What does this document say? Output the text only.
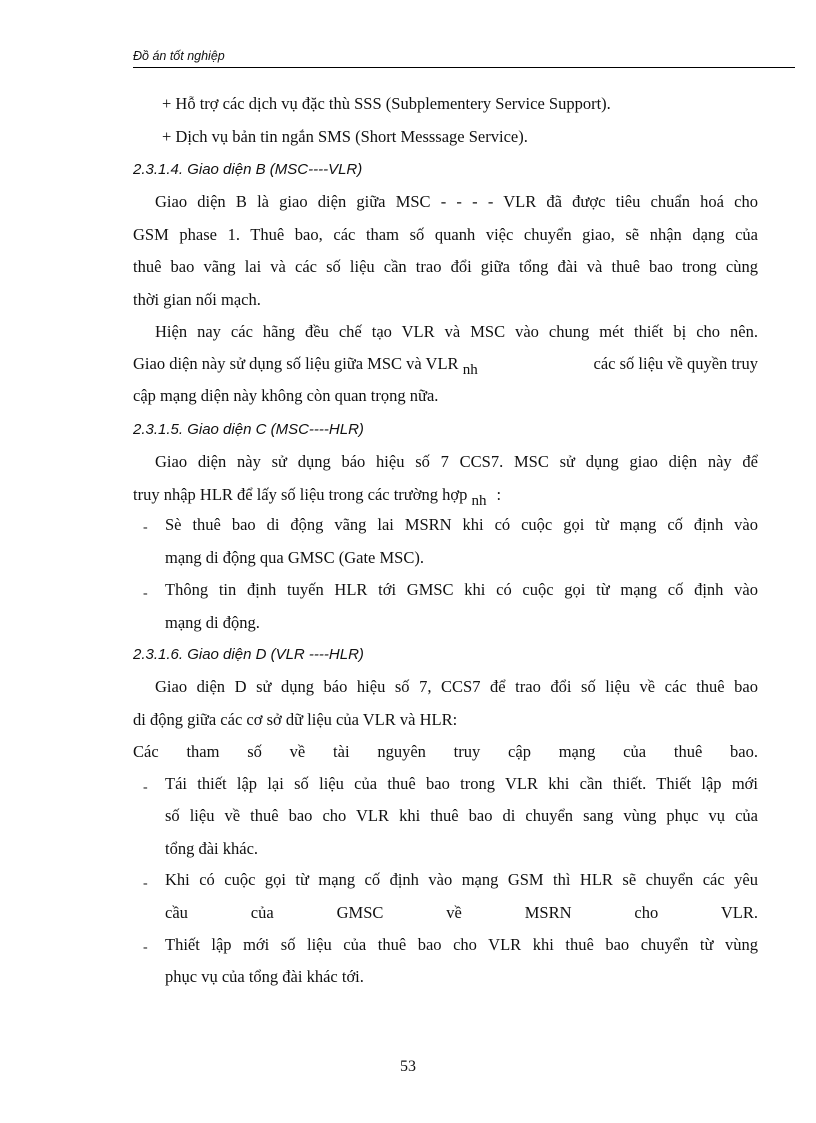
Đồ án tốt nghiệp
+ Hỗ trợ các dịch vụ đặc thù SSS (Subplementery Service Support).
+ Dịch vụ bản tin ngắn SMS (Short Messsage Service).
2.3.1.4. Giao diện B (MSC----VLR)
Giao diện B là giao diện giữa MSC - - - - VLR đã được tiêu chuẩn hoá cho
GSM phase 1. Thuê bao, các tham số quanh việc chuyển giao, sẽ nhận dạng của
thuê bao vãng lai và các số liệu cần trao đổi giữa tổng đài và thuê bao trong cùng
thời gian nối mạch.
Hiện nay các hãng đều chế tạo VLR và MSC vào chung mét thiết bị cho nên.
Giao diện này sử dụng số liệu giữa MSC và VLR nh	các số liệu về quyền truy
cập mạng diện này không còn quan trọng nữa.
2.3.1.5. Giao diện C (MSC----HLR)
Giao diện này sử dụng báo hiệu số 7 CCS7. MSC sử dụng giao diện này để
truy nhập HLR để lấy số liệu trong các trường hợp nh :
- Sè thuê bao di động vãng lai MSRN khi có cuộc gọi từ mạng cố định vào
mạng di động qua GMSC (Gate MSC).
- Thông tin định tuyến HLR tới GMSC khi có cuộc gọi từ mạng cố định vào
mạng di động.
2.3.1.6. Giao diện D (VLR ----HLR)
Giao diện D sử dụng báo hiệu số 7, CCS7 để trao đổi số liệu về các thuê bao
di động giữa các cơ sở dữ liệu của VLR và HLR:
Các tham số về tài nguyên truy cập mạng của thuê bao.
- Tái thiết lập lại số liệu của thuê bao trong VLR khi cần thiết. Thiết lập mới
số liệu về thuê bao cho VLR khi thuê bao di chuyển sang vùng phục vụ của
tổng đài khác.
- Khi có cuộc gọi từ mạng cố định vào mạng GSM thì HLR sẽ chuyển các yêu
cầu của GMSC về MSRN cho VLR.
- Thiết lập mới số liệu của thuê bao cho VLR khi thuê bao chuyển từ vùng
phục vụ của tổng đài khác tới.
53
